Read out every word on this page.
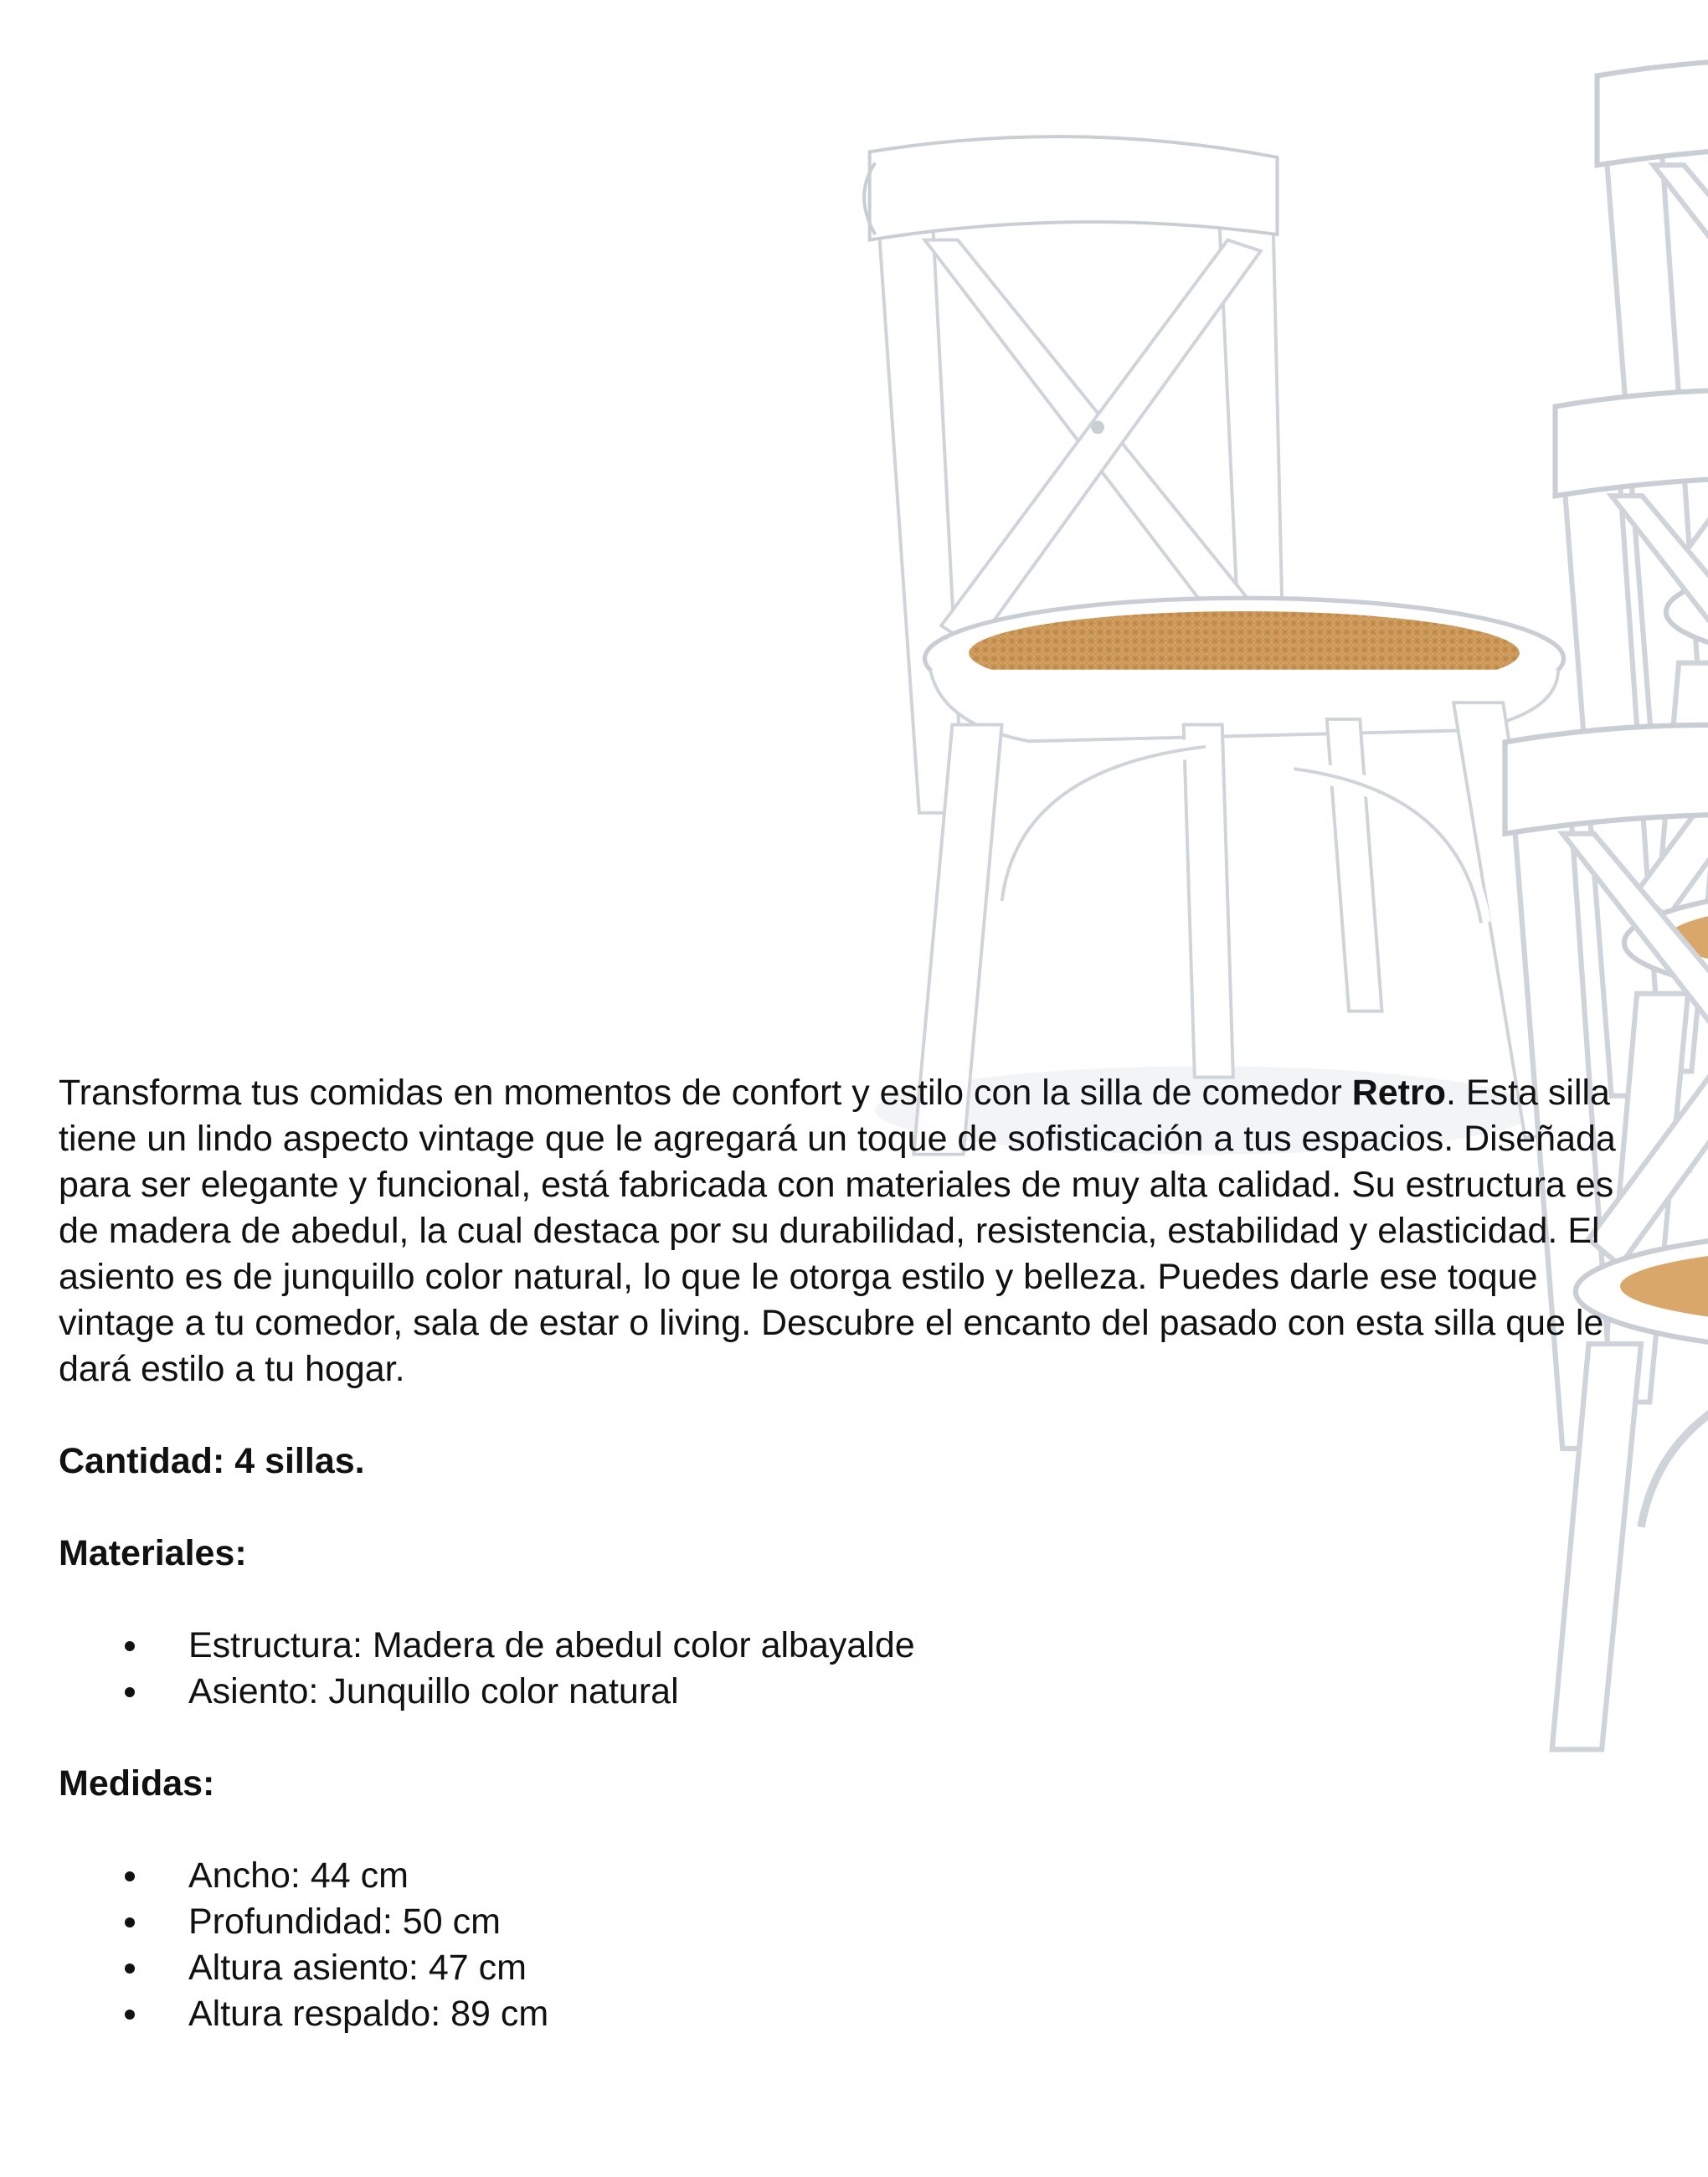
Transforma tus comidas en momentos de confort y estilo con la silla de comedor Retro. Esta silla tiene un lindo aspecto vintage que le agregará un toque de sofisticación a tus espacios. Diseñada para ser elegante y funcional, está fabricada con materiales de muy alta calidad. Su estructura es de madera de abedul, la cual destaca por su durabilidad, resistencia, estabilidad y elasticidad. El asiento es de junquillo color natural, lo que le otorga estilo y belleza. Puedes darle ese toque vintage a tu comedor, sala de estar o living. Descubre el encanto del pasado con esta silla que le dará estilo a tu hogar.

Cantidad: 4 sillas.

Materiales:

Estructura: Madera de abedul color albayalde
Asiento: Junquillo color natural

Medidas:

Ancho: 44 cm
Profundidad: 50 cm
Altura asiento: 47 cm
Altura respaldo: 89 cm
